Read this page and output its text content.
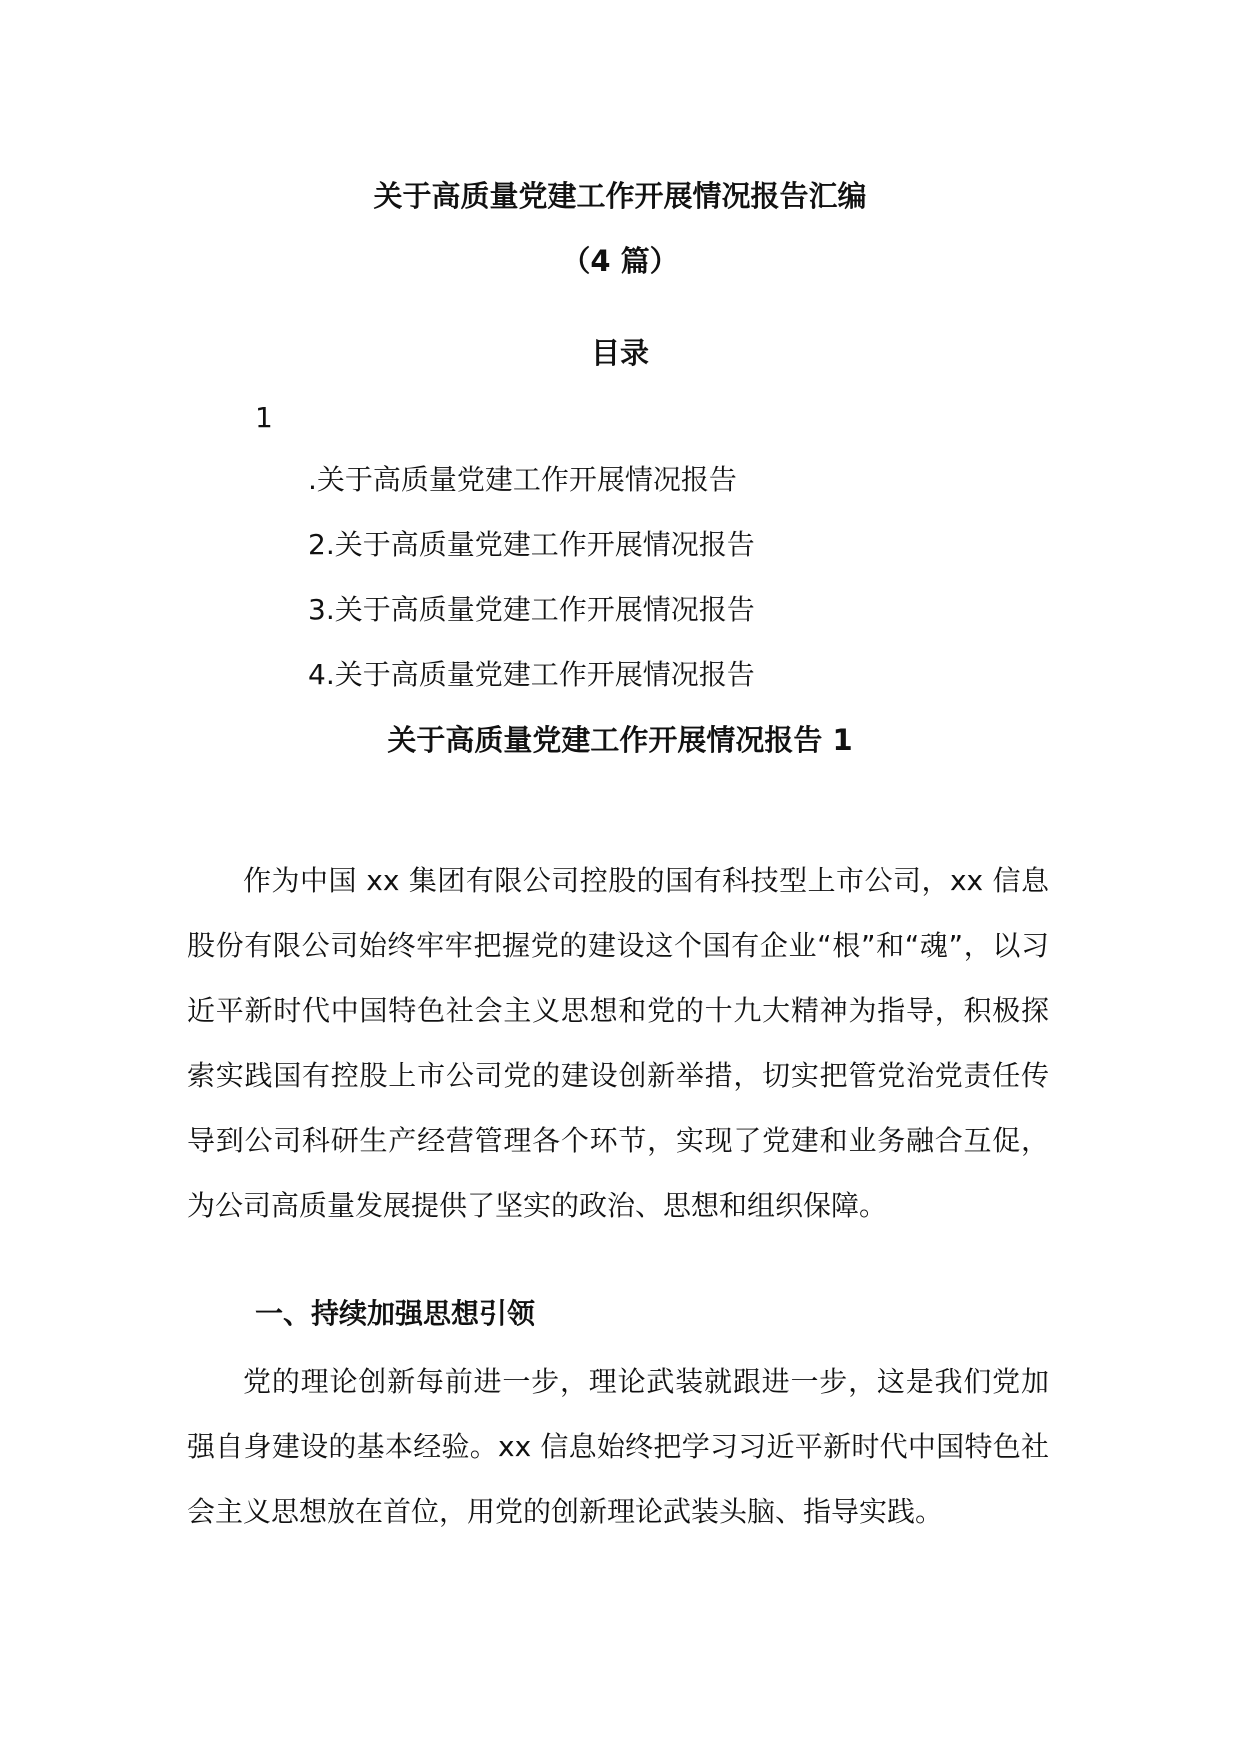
关于高质量党建工作开展情况报告汇编

（4 篇）

目录

1

.关于高质量党建工作开展情况报告
2.关于高质量党建工作开展情况报告
3.关于高质量党建工作开展情况报告
4.关于高质量党建工作开展情况报告
关于高质量党建工作开展情况报告 1

作为中国 xx 集团有限公司控股的国有科技型上市公司，xx 信息股份有限公司始终牢牢把握党的建设这个国有企业“根”和“魂”，以习近平新时代中国特色社会主义思想和党的十九大精神为指导，积极探索实践国有控股上市公司党的建设创新举措，切实把管党治党责任传导到公司科研生产经营管理各个环节，实现了党建和业务融合互促，为公司高质量发展提供了坚实的政治、思想和组织保障。

一、持续加强思想引领

党的理论创新每前进一步，理论武装就跟进一步，这是我们党加强自身建设的基本经验。xx 信息始终把学习习近平新时代中国特色社会主义思想放在首位，用党的创新理论武装头脑、指导实践。
